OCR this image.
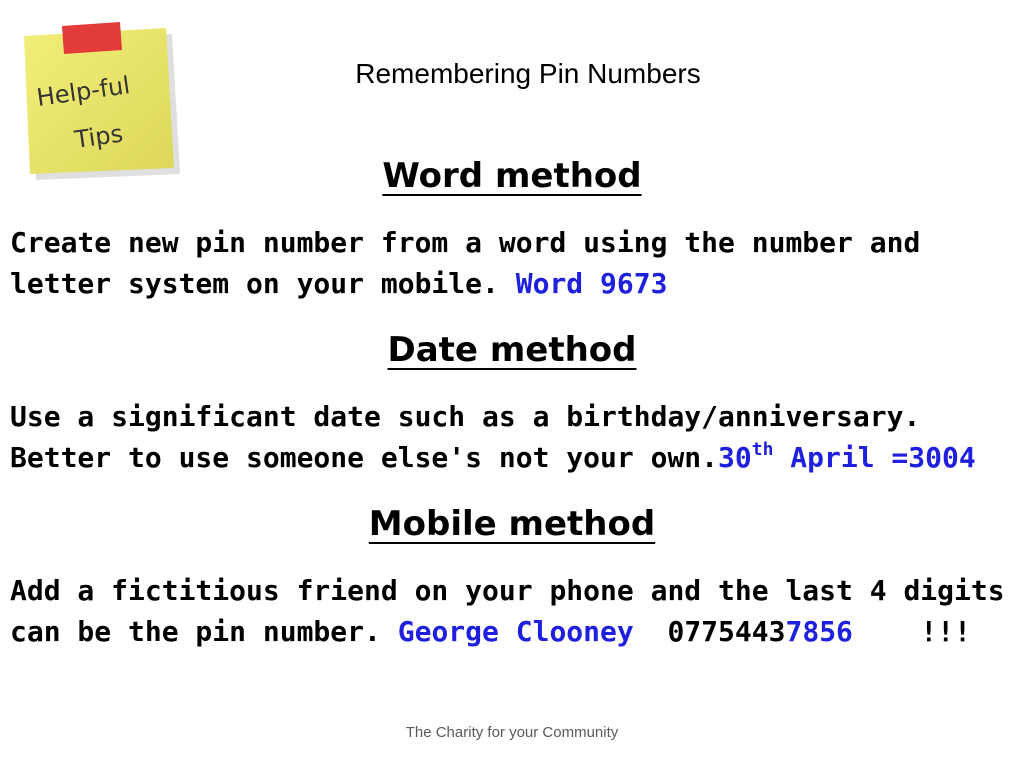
Help-ful
Tips
Remembering Pin Numbers
Word method

Create new pin number from a word using the number and
letter system on your mobile. Word 9673

Date method

Use a significant date such as a birthday/anniversary.
Better to use someone else's not your own.30th April =3004

Mobile method

Add a fictitious friend on your phone and the last 4 digits
can be the pin number. George Clooney 07754437856 !!!

The Charity for your Community
